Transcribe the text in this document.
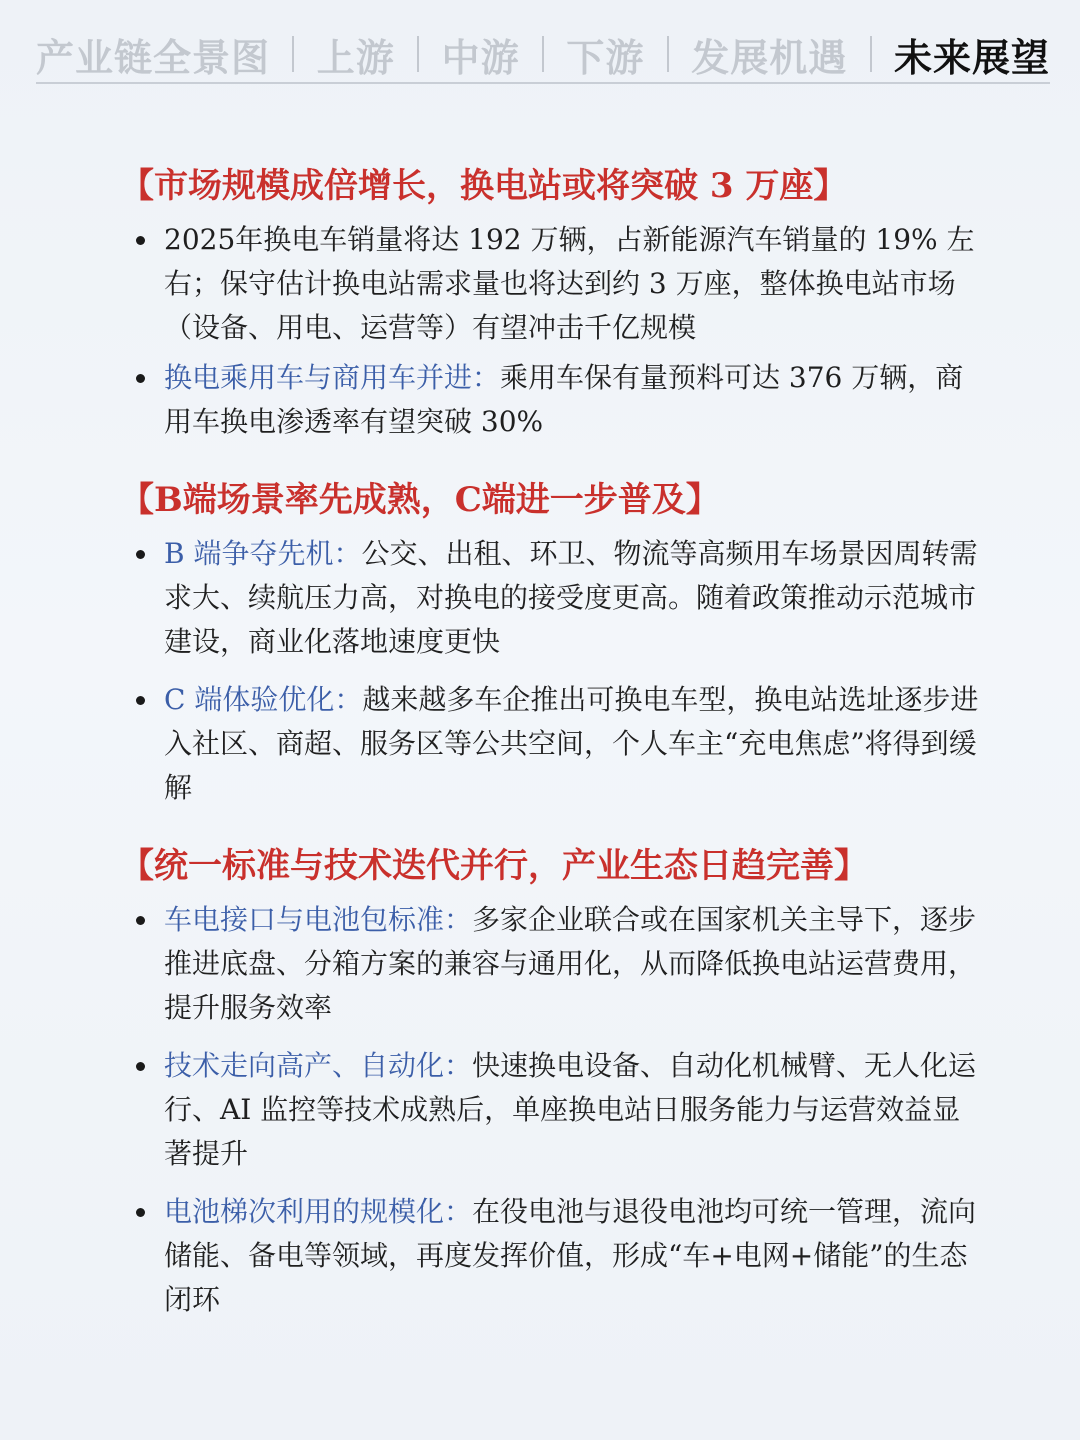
产业链全景图 上游 中游 下游 发展机遇 未来展望
【市场规模成倍增长，换电站或将突破 3 万座】
2025年换电车销量将达 192 万辆，占新能源汽车销量的 19% 左右；保守估计换电站需求量也将达到约 3 万座，整体换电站市场（设备、用电、运营等）有望冲击千亿规模
换电乘用车与商用车并进：乘用车保有量预料可达 376 万辆，商用车换电渗透率有望突破 30%
【B端场景率先成熟，C端进一步普及】
B 端争夺先机：公交、出租、环卫、物流等高频用车场景因周转需求大、续航压力高，对换电的接受度更高。随着政策推动示范城市建设，商业化落地速度更快
C 端体验优化：越来越多车企推出可换电车型，换电站选址逐步进入社区、商超、服务区等公共空间，个人车主“充电焦虑”将得到缓解
【统一标准与技术迭代并行，产业生态日趋完善】
车电接口与电池包标准：多家企业联合或在国家机关主导下，逐步推进底盘、分箱方案的兼容与通用化，从而降低换电站运营费用，提升服务效率
技术走向高产、自动化：快速换电设备、自动化机械臂、无人化运行、AI 监控等技术成熟后，单座换电站日服务能力与运营效益显著提升
电池梯次利用的规模化：在役电池与退役电池均可统一管理，流向储能、备电等领域，再度发挥价值，形成“车+电网+储能”的生态闭环
